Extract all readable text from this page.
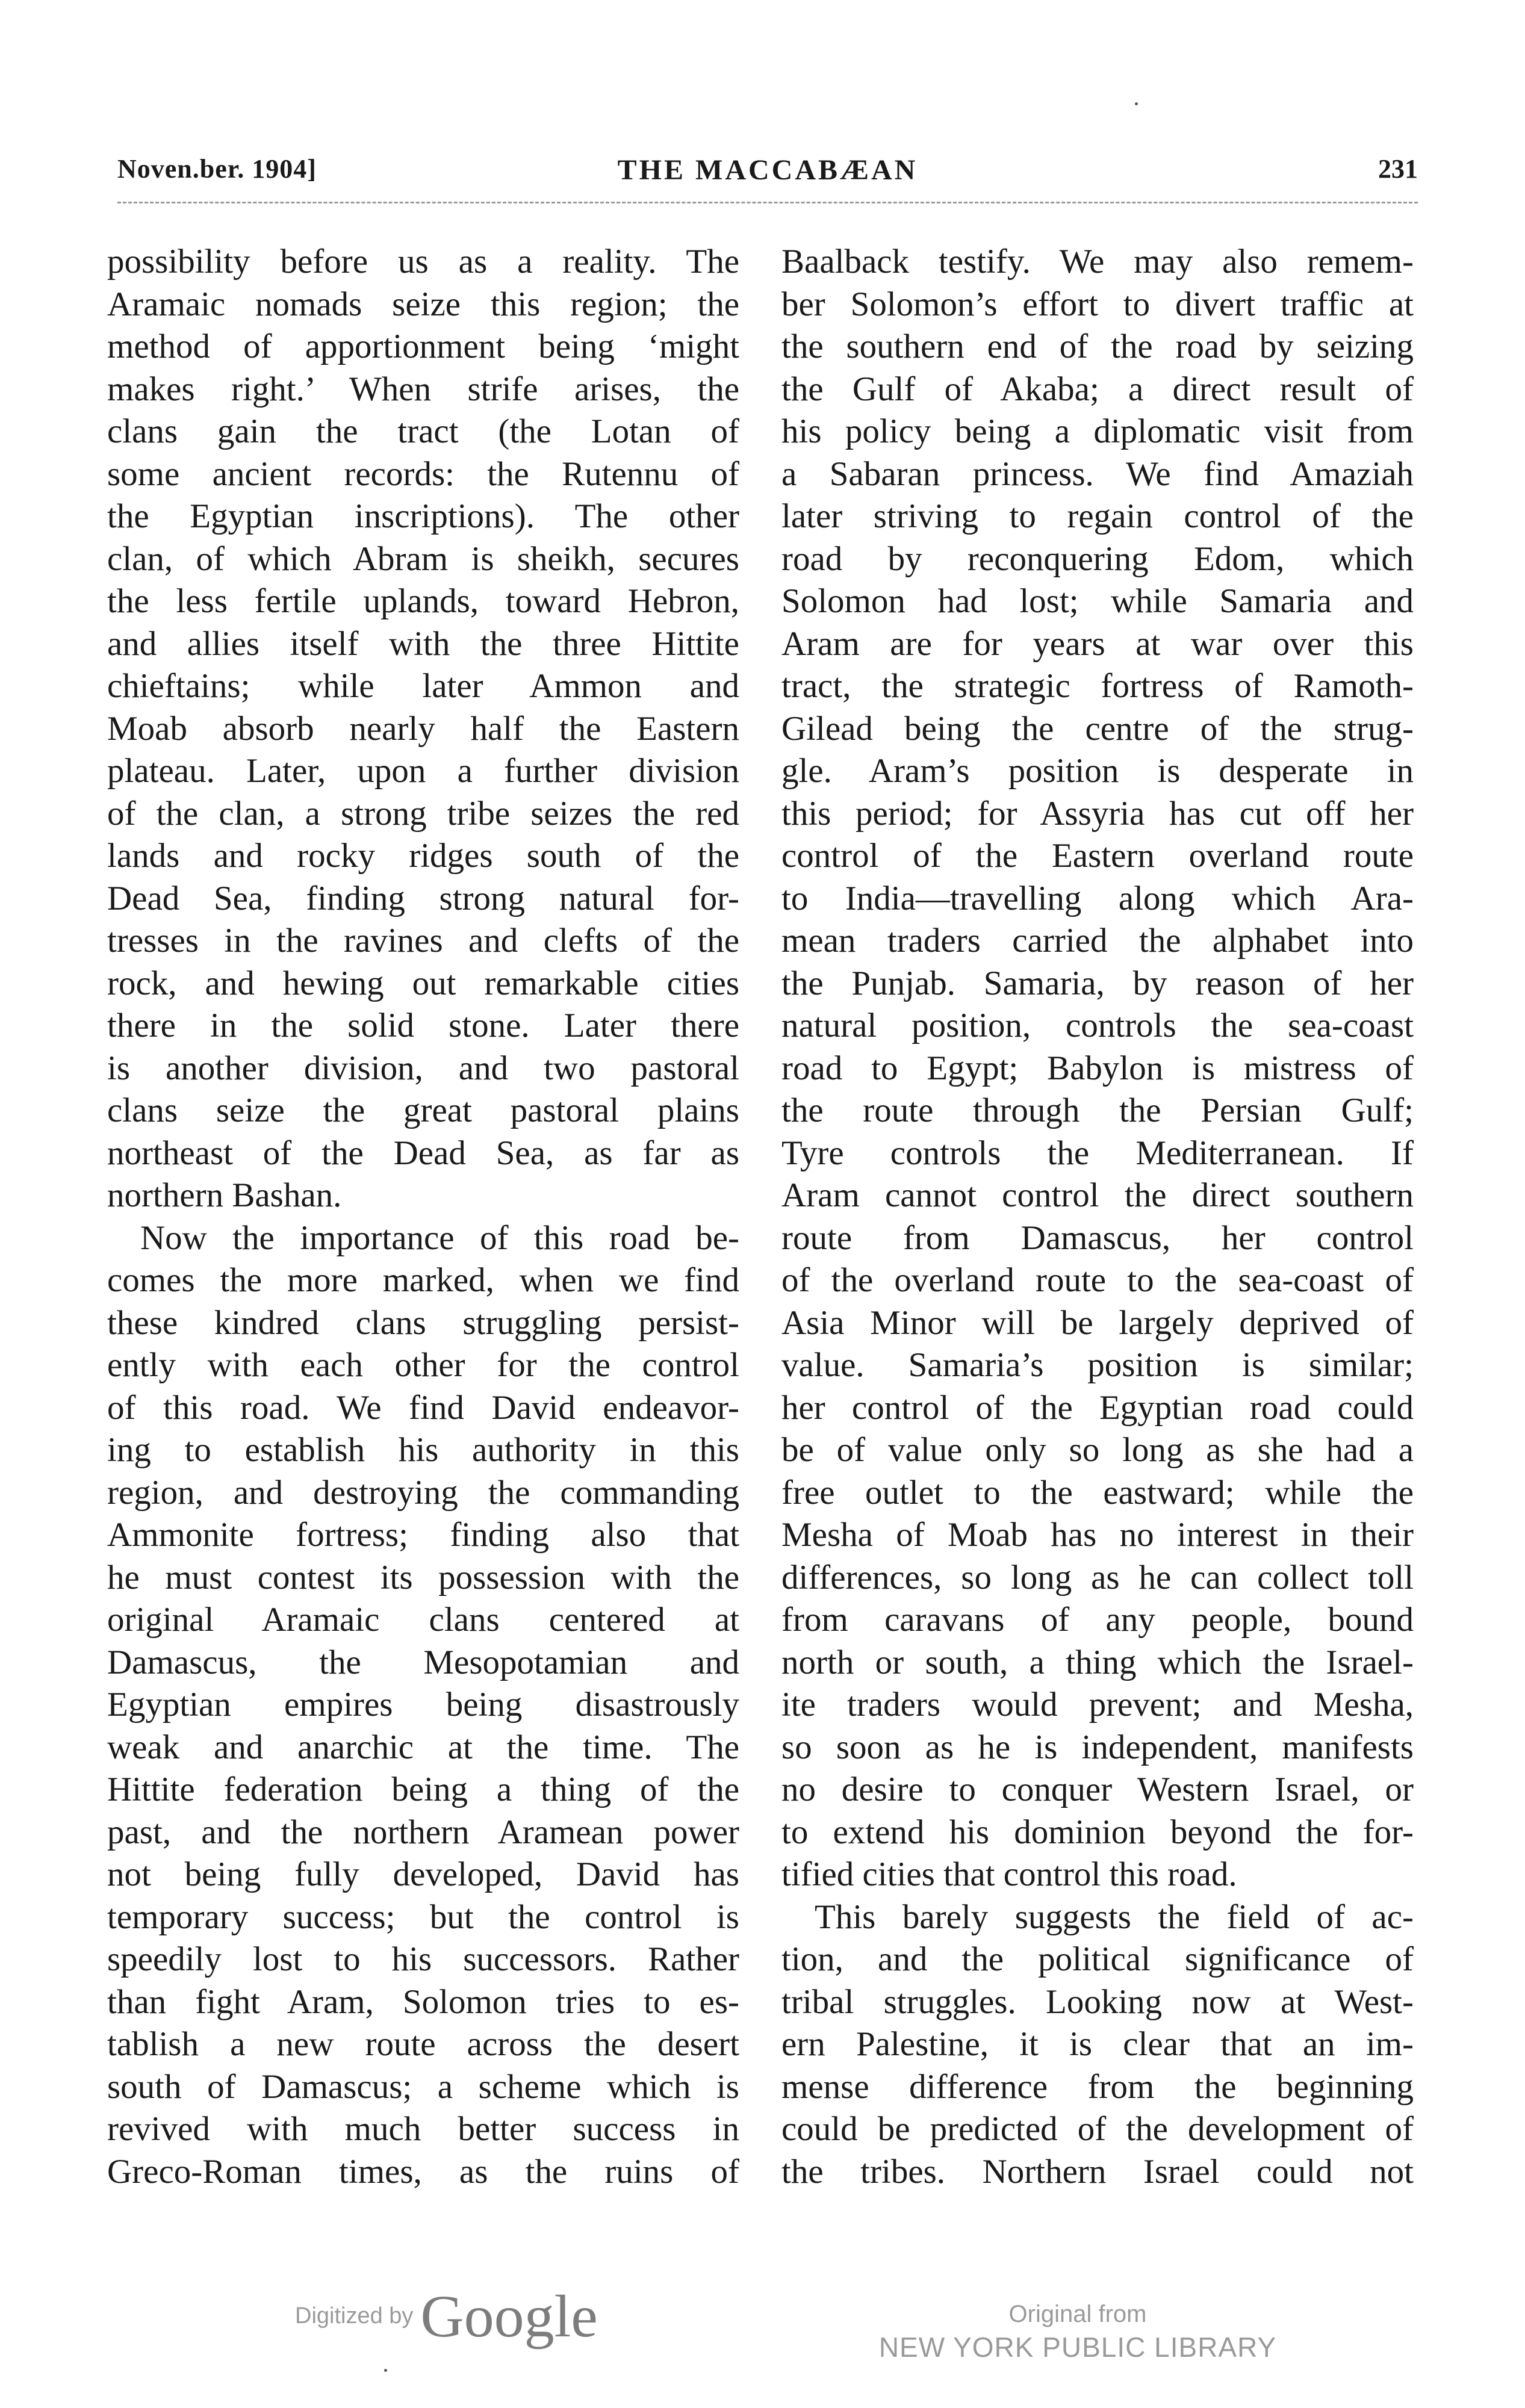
Noven.ber. 1904]	THE MACCABÆAN	231
possibility before us as a reality. The
Aramaic nomads seize this region; the
method of apportionment being ‘might
makes right.’ When strife arises, the
clans gain the tract (the Lotan of
some ancient records: the Rutennu of
the Egyptian inscriptions). The other
clan, of which Abram is sheikh, secures
the less fertile uplands, toward Hebron,
and allies itself with the three Hittite
chieftains; while later Ammon and
Moab absorb nearly half the Eastern
plateau. Later, upon a further division
of the clan, a strong tribe seizes the red
lands and rocky ridges south of the
Dead Sea, finding strong natural for-
tresses in the ravines and clefts of the
rock, and hewing out remarkable cities
there in the solid stone. Later there
is another division, and two pastoral
clans seize the great pastoral plains
northeast of the Dead Sea, as far as
northern Bashan.
Now the importance of this road be-
comes the more marked, when we find
these kindred clans struggling persist-
ently with each other for the control
of this road. We find David endeavor-
ing to establish his authority in this
region, and destroying the commanding
Ammonite fortress; finding also that
he must contest its possession with the
original Aramaic clans centered at
Damascus, the Mesopotamian and
Egyptian empires being disastrously
weak and anarchic at the time. The
Hittite federation being a thing of the
past, and the northern Aramean power
not being fully developed, David has
temporary success; but the control is
speedily lost to his successors. Rather
than fight Aram, Solomon tries to es-
tablish a new route across the desert
south of Damascus; a scheme which is
revived with much better success in
Greco-Roman times, as the ruins of
Baalback testify. We may also remem-
ber Solomon’s effort to divert traffic at
the southern end of the road by seizing
the Gulf of Akaba; a direct result of
his policy being a diplomatic visit from
a Sabaran princess. We find Amaziah
later striving to regain control of the
road by reconquering Edom, which
Solomon had lost; while Samaria and
Aram are for years at war over this
tract, the strategic fortress of Ramoth-
Gilead being the centre of the strug-
gle. Aram’s position is desperate in
this period; for Assyria has cut off her
control of the Eastern overland route
to India—travelling along which Ara-
mean traders carried the alphabet into
the Punjab. Samaria, by reason of her
natural position, controls the sea-coast
road to Egypt; Babylon is mistress of
the route through the Persian Gulf;
Tyre controls the Mediterranean. If
Aram cannot control the direct southern
route from Damascus, her control
of the overland route to the sea-coast of
Asia Minor will be largely deprived of
value. Samaria’s position is similar;
her control of the Egyptian road could
be of value only so long as she had a
free outlet to the eastward; while the
Mesha of Moab has no interest in their
differences, so long as he can collect toll
from caravans of any people, bound
north or south, a thing which the Israel-
ite traders would prevent; and Mesha,
so soon as he is independent, manifests
no desire to conquer Western Israel, or
to extend his dominion beyond the for-
tified cities that control this road.
This barely suggests the field of ac-
tion, and the political significance of
tribal struggles. Looking now at West-
ern Palestine, it is clear that an im-
mense difference from the beginning
could be predicted of the development of
the tribes. Northern Israel could not
Digitized by Google	Original from
NEW YORK PUBLIC LIBRARY
